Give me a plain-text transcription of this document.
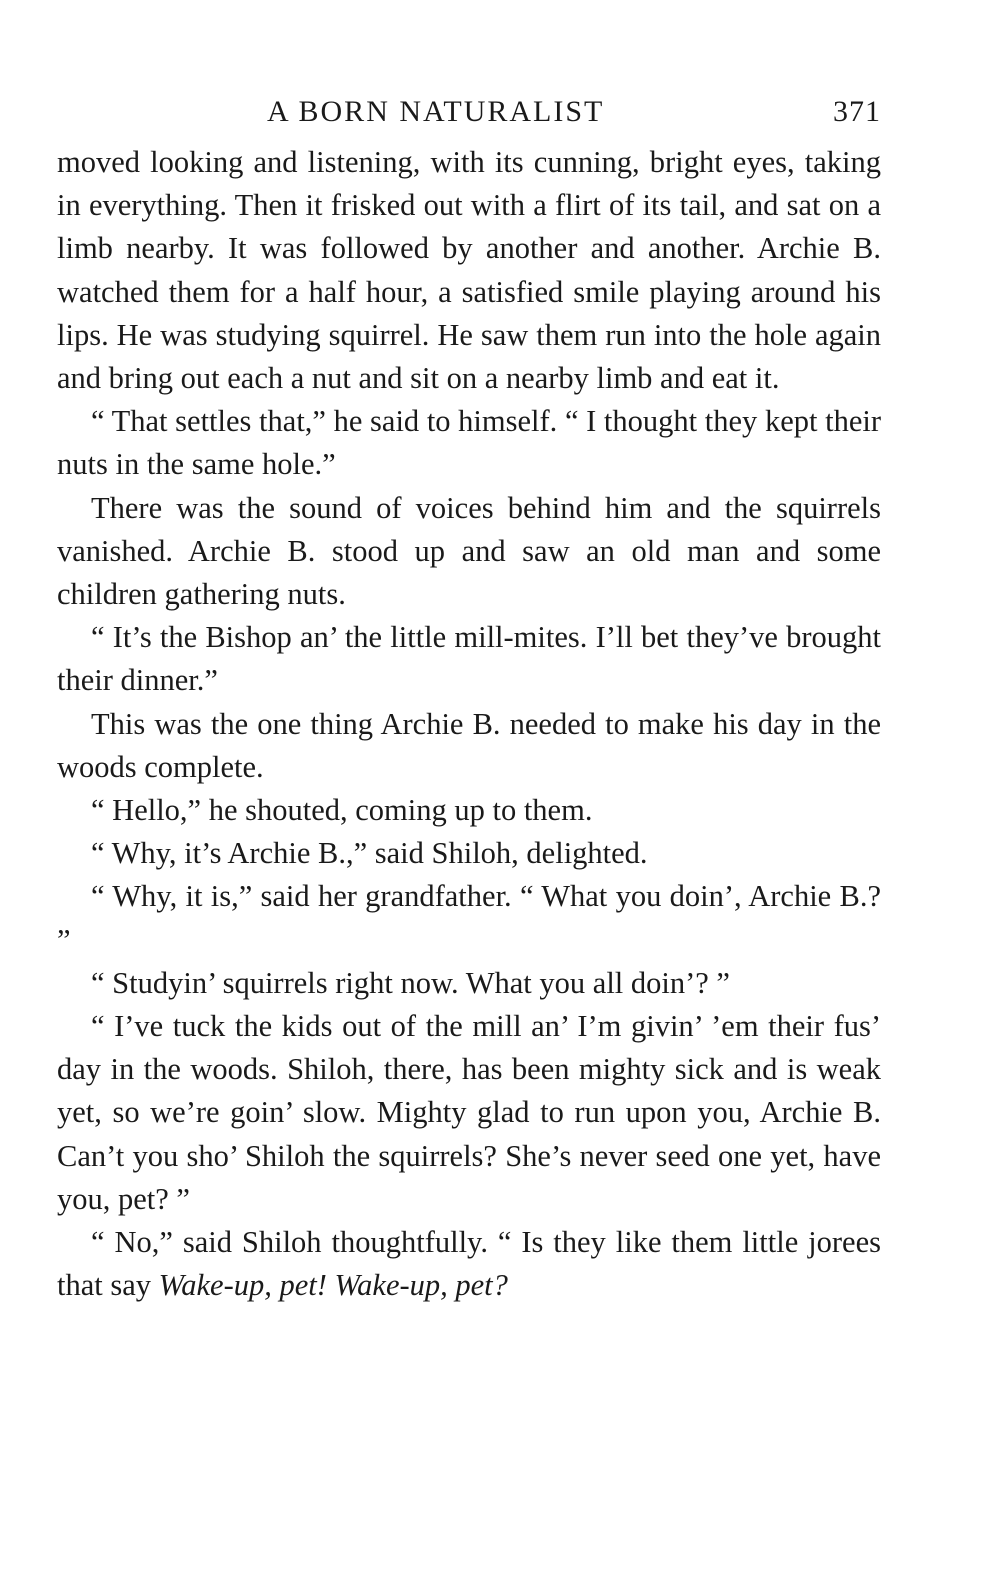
A BORN NATURALIST	371

moved looking and listening, with its cunning, bright eyes, taking in everything. Then it frisked out with a flirt of its tail, and sat on a limb nearby. It was followed by another and another. Archie B. watched them for a half hour, a satisfied smile playing around his lips. He was studying squirrel. He saw them run into the hole again and bring out each a nut and sit on a nearby limb and eat it.

“ That settles that,” he said to himself. “ I thought they kept their nuts in the same hole.”

There was the sound of voices behind him and the squirrels vanished. Archie B. stood up and saw an old man and some children gathering nuts.

“ It’s the Bishop an’ the little mill-mites. I’ll bet they’ve brought their dinner.”

This was the one thing Archie B. needed to make his day in the woods complete.

“ Hello,” he shouted, coming up to them.

“ Why, it’s Archie B.,” said Shiloh, delighted.

“ Why, it is,” said her grandfather. “ What you doin’, Archie B.? ”

“ Studyin’ squirrels right now. What you all doin’? ”

“ I’ve tuck the kids out of the mill an’ I’m givin’ ’em their fus’ day in the woods. Shiloh, there, has been mighty sick and is weak yet, so we’re goin’ slow. Mighty glad to run upon you, Archie B. Can’t you sho’ Shiloh the squirrels? She’s never seed one yet, have you, pet? ”

“ No,” said Shiloh thoughtfully. “ Is they like them little jorees that say Wake-up, pet! Wake-up, pet?
